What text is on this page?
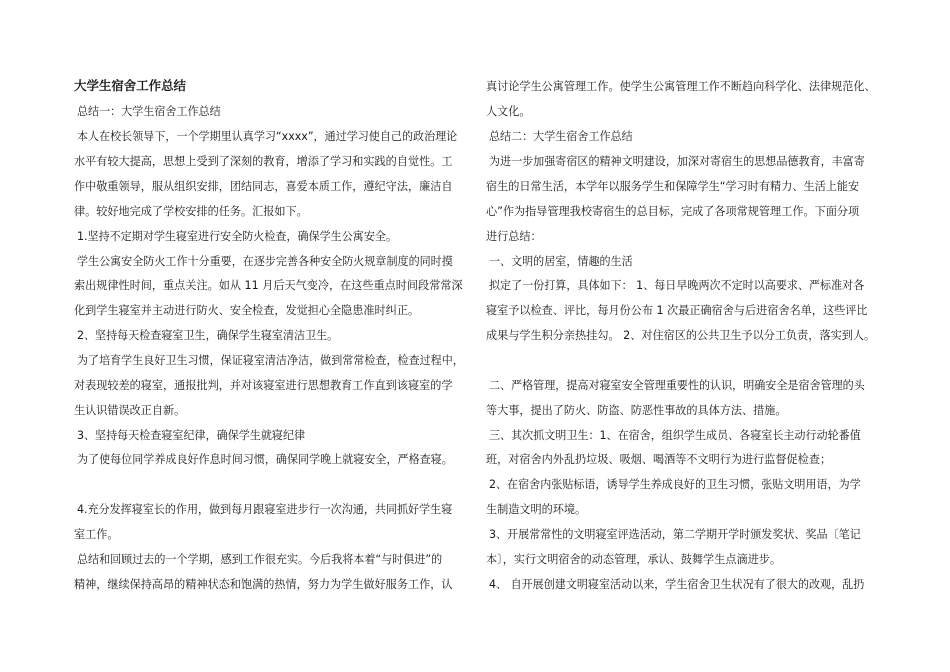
大学生宿舍工作总结

总结一：大学生宿舍工作总结

本人在校长领导下，一个学期里认真学习“xxxx”，通过学习使自己的政治理论

水平有较大提高，思想上受到了深刻的教育，增添了学习和实践的自觉性。工

作中敬重领导，服从组织安排，团结同志，喜爱本质工作，遵纪守法，廉洁自

律。较好地完成了学校安排的任务。汇报如下。

1.坚持不定期对学生寝室进行安全防火检查，确保学生公寓安全。

学生公寓安全防火工作十分重要，在逐步完善各种安全防火规章制度的同时摸

索出规律性时间，重点关注。如从 11 月后天气变冷，在这些重点时间段常常深

化到学生寝室并主动进行防火、安全检查，发觉担心全隐患准时纠正。

2、坚持每天检查寝室卫生，确保学生寝室清洁卫生。

为了培育学生良好卫生习惯，保证寝室清洁净洁，做到常常检查，检查过程中，

对表现较差的寝室，通报批判，并对该寝室进行思想教育工作直到该寝室的学

生认识错误改正自新。

3、坚持每天检查寝室纪律，确保学生就寝纪律

为了使每位同学养成良好作息时间习惯，确保同学晚上就寝安全，严格查寝。

4.充分发挥寝室长的作用，做到每月跟寝室进步行一次沟通，共同抓好学生寝

室工作。

总结和回顾过去的一个学期，感到工作很充实。今后我将本着“与时俱进”的

精神，继续保持高昂的精神状态和饱满的热情，努力为学生做好服务工作，认

真讨论学生公寓管理工作。使学生公寓管理工作不断趋向科学化、法律规范化、

人文化。

总结二：大学生宿舍工作总结

为进一步加强寄宿区的精神文明建设，加深对寄宿生的思想品德教育，丰富寄

宿生的日常生活，本学年以服务学生和保障学生“学习时有精力、生活上能安

心”作为指导管理我校寄宿生的总目标，完成了各项常规管理工作。下面分项

进行总结：

一、文明的居室，情趣的生活

拟定了一份打算，具体如下： 1、每日早晚两次不定时以高要求、严标准对各

寝室予以检查、评比，每月份公布 1 次最正确宿舍与后进宿舍名单，这些评比

成果与学生积分亲热挂勾。 2、对住宿区的公共卫生予以分工负责，落实到人。

二、严格管理，提高对寝室安全管理重要性的认识，明确安全是宿舍管理的头

等大事，提出了防火、防盗、防恶性事故的具体方法、措施。

三、其次抓文明卫生：1、在宿舍，组织学生成员、各寝室长主动行动轮番值

班，对宿舍内外乱扔垃圾、吸烟、喝酒等不文明行为进行监督促检查；

2、在宿舍内张贴标语，诱导学生养成良好的卫生习惯，张贴文明用语，为学

生制造文明的环境。

3、开展常常性的文明寝室评选活动，第二学期开学时颁发奖状、奖品〔笔记

本〕，实行文明宿舍的动态管理，承认、鼓舞学生点滴进步。

4、 自开展创建文明寝室活动以来，学生宿舍卫生状况有了很大的改观，乱扔
